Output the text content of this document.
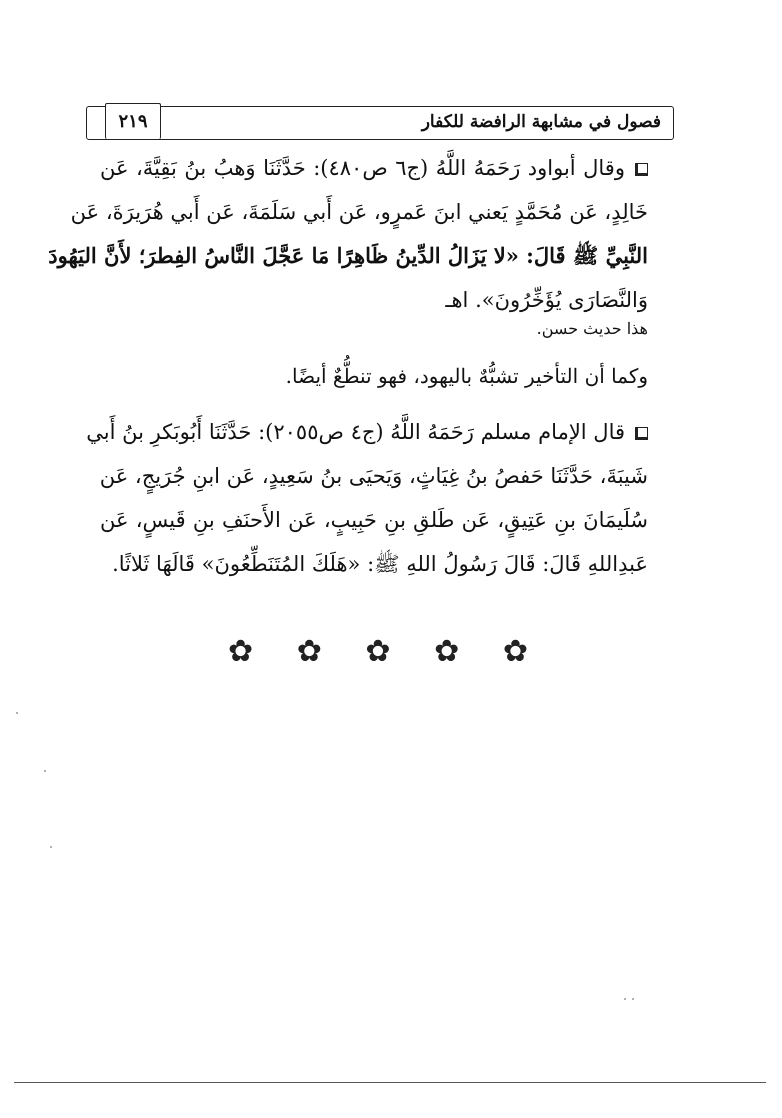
٢١٩	فصول في مشابهة الرافضة للكفار
وقال أبواود رَحَمَهُ اللَّهُ (ج٦ ص٤٨٠): حَدَّثَنَا وَهبُ بنُ بَقِيَّةَ، عَن
خَالِدٍ، عَن مُحَمَّدٍ يَعني ابنَ عَمرٍو، عَن أَبي سَلَمَةَ، عَن أَبي هُرَيرَةَ، عَن
النَّبِيِّ ﷺ قَالَ: «لا يَزَالُ الدِّينُ ظَاهِرًا مَا عَجَّلَ النَّاسُ الفِطرَ؛ لأَنَّ اليَهُودَ
وَالنَّصَارَى يُؤَخِّرُونَ». اهـ
هذا حديث حسن.
وكما أن التأخير تشبُّهٌ باليهود، فهو تنطُّعٌ أيضًا.
قال الإمام مسلم رَحَمَهُ اللَّهُ (ج٤ ص٢٠٥٥): حَدَّثَنَا أَبُوبَكرِ بنُ أَبي
شَيبَةَ، حَدَّثَنَا حَفصُ بنُ غِيَاثٍ، وَيَحيَى بنُ سَعِيدٍ، عَن ابنِ جُرَيجٍ، عَن
سُلَيمَانَ بنِ عَتِيقٍ، عَن طَلقِ بنِ حَبِيبٍ، عَن الأَحنَفِ بنِ قَيسٍ، عَن
عَبدِاللهِ قَالَ: قَالَ رَسُولُ اللهِ ﷺ: «هَلَكَ المُتَنَطِّعُونَ» قَالَهَا ثَلاثًا.
✿ ✿ ✿ ✿ ✿
